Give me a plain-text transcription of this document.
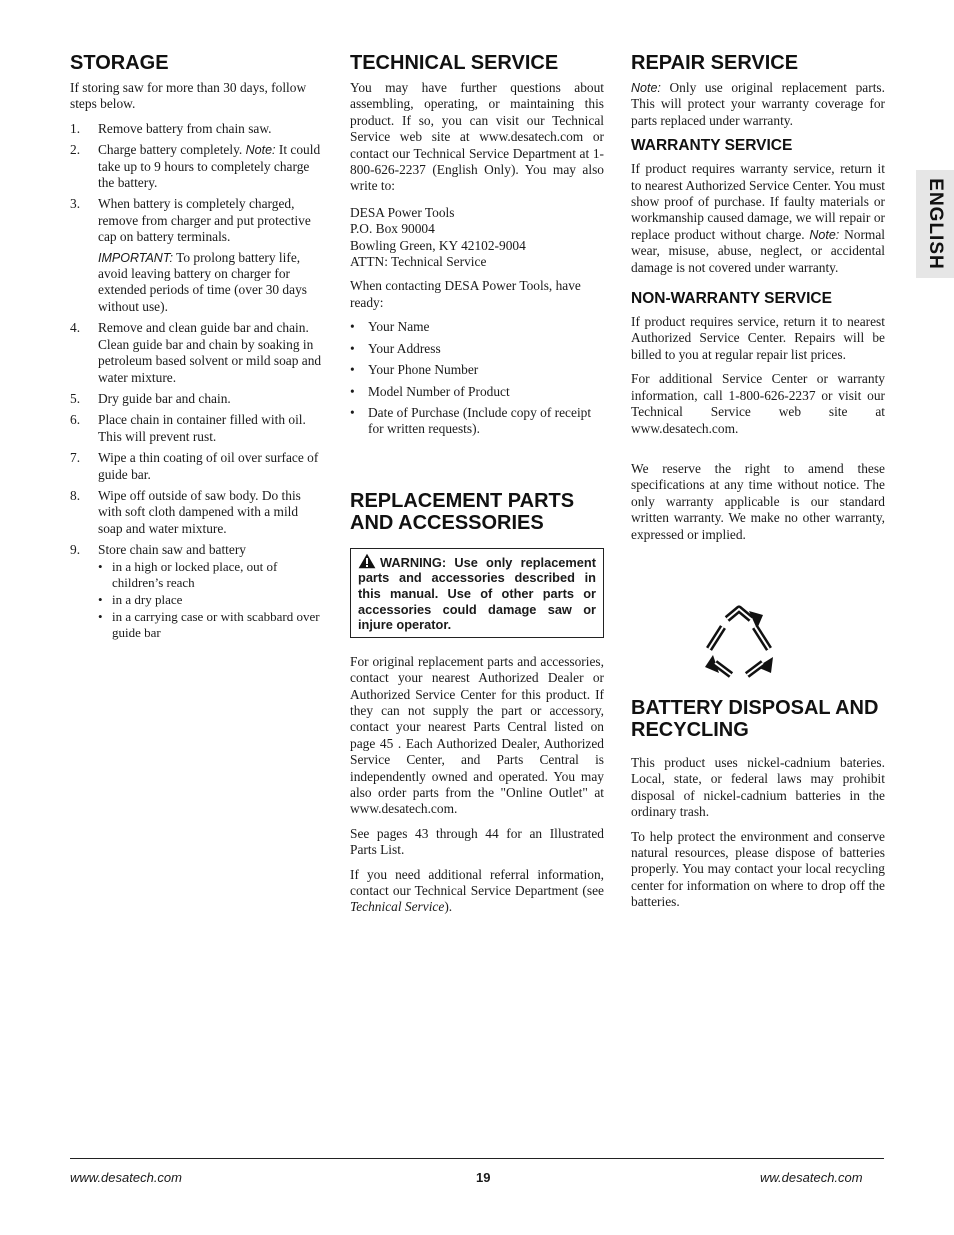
STORAGE

If storing saw for more than 30 days, follow steps below.

1. Remove battery from chain saw.
2. Charge battery completely. Note: It could take up to 9 hours to completely charge the battery.
3. When battery is completely charged, remove from charger and put protective cap on battery terminals.

IMPORTANT: To prolong battery life, avoid leaving battery on charger for extended periods of time (over 30 days without use).

4. Remove and clean guide bar and chain. Clean guide bar and chain by soaking in petroleum based solvent or mild soap and water mixture.
5. Dry guide bar and chain.
6. Place chain in container filled with oil. This will prevent rust.
7. Wipe a thin coating of oil over surface of guide bar.
8. Wipe off outside of saw body. Do this with soft cloth dampened with a mild soap and water mixture.
9. Store chain saw and battery
• in a high or locked place, out of children’s reach
• in a dry place
• in a carrying case or with scabbard over guide bar
TECHNICAL SERVICE

You may have further questions about assembling, operating, or maintaining this product. If so, you can visit our Technical Service web site at www.desatech.com or contact our Technical Service Department at 1-800-626-2237 (English Only). You may also write to:

DESA Power Tools

P.O. Box 90004

Bowling Green, KY 42102-9004

ATTN: Technical Service

When contacting DESA Power Tools, have ready:

• Your Name
• Your Address
• Your Phone Number
• Model Number of Product
• Date of Purchase (Include copy of receipt for written requests).
REPLACEMENT PARTS
AND ACCESSORIES
WARNING: Use only replacement parts and accessories described in this manual. Use of other parts or accessories could damage saw or injure operator.

For original replacement parts and accessories, contact your nearest Authorized Dealer or Authorized Service Center for this product. If they can not supply the part or accessory, contact your nearest Parts Central listed on page 45 . Each Authorized Dealer, Authorized Service Center, and Parts Central is independently owned and operated. You may also order parts from the "Online Outlet" at www.desatech.com.

See pages 43 through 44 for an Illustrated Parts List.

If you need additional referral information, contact our Technical Service Department (see Technical Service).

REPAIR SERVICE

Note: Only use original replacement parts. This will protect your warranty coverage for parts replaced under warranty.

WARRANTY SERVICE

If product requires warranty service, return it to nearest Authorized Service Center. You must show proof of purchase. If faulty materials or workmanship caused damage, we will repair or replace product without charge. Note: Normal wear, misuse, abuse, neglect, or accidental damage is not covered under warranty.

NON-WARRANTY SERVICE

If product requires service, return it to nearest Authorized Service Center. Repairs will be billed to you at regular repair list prices.

For additional Service Center or warranty information, call 1-800-626-2237 or visit our Technical Service web site at www.desatech.com.

We reserve the right to amend these specifications at any time without notice. The only warranty applicable is our standard written warranty. We make no other warranty, expressed or implied.

BATTERY DISPOSAL AND
RECYCLING

This product uses nickel-cadnium bateries. Local, state, or federal laws may prohibit disposal of nickel-cadnium batteries in the ordinary trash.

To help protect the environment and conserve natural resources, please dispose of batteries properly. You may contact your local recycling center for information on where to drop off the batteries.

ENGLISH
www.desatech.com	19	ww.desatech.com
